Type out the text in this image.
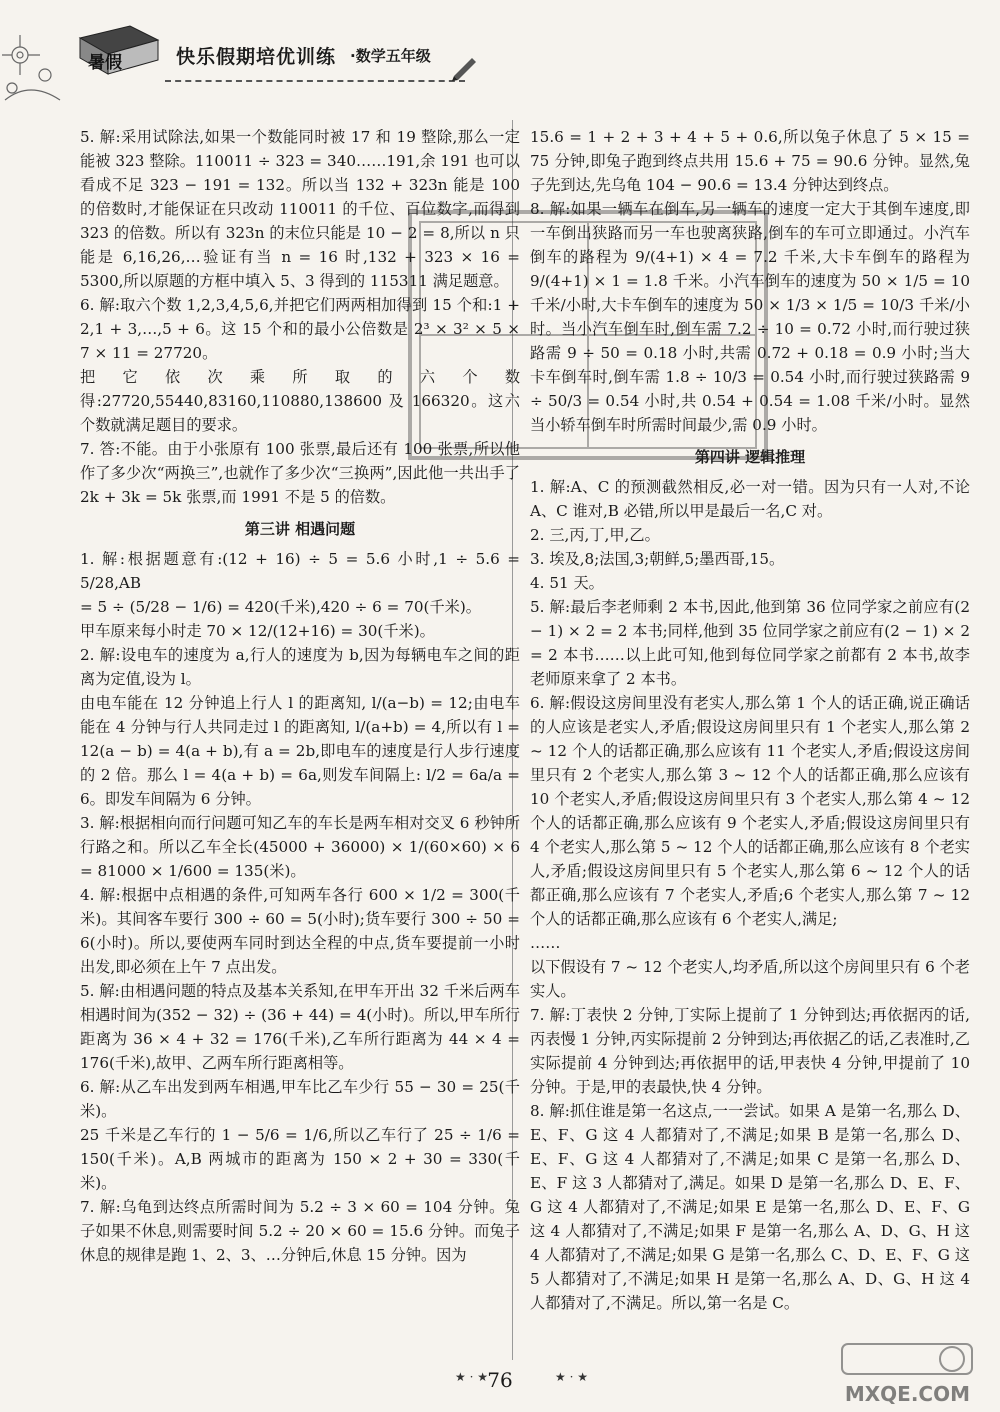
暑假	快乐假期培优训练 ·数学五年级

5. 解:采用试除法,如果一个数能同时被 17 和 19 整除,那么一定能被 323 整除。110011 ÷ 323 = 340……191,余 191 也可以看成不足 323 − 191 = 132。所以当 132 + 323n 能是 100 的倍数时,才能保证在只改动 110011 的千位、百位数字,而得到 323 的倍数。所以有 323n 的末位只能是 10 − 2 = 8,所以 n 只能是 6,16,26,…验证有当 n = 16 时,132 + 323 × 16 = 5300,所以原题的方框中填入 5、3 得到的 115311 满足题意。

6. 解:取六个数 1,2,3,4,5,6,并把它们两两相加得到 15 个和:1 + 2,1 + 3,…,5 + 6。这 15 个和的最小公倍数是 2³ × 3² × 5 × 7 × 11 = 27720。

把它依次乘所取的六个数得:27720,55440,83160,110880,138600 及 166320。这六个数就满足题目的要求。

7. 答:不能。由于小张原有 100 张票,最后还有 100 张票,所以他作了多少次“两换三”,也就作了多少次“三换两”,因此他一共出手了 2k + 3k = 5k 张票,而 1991 不是 5 的倍数。

第三讲 相遇问题

1. 解:根据题意有:(12 + 16) ÷ 5 = 5.6 小时,1 ÷ 5.6 = 5/28,AB

= 5 ÷ (5/28 − 1/6) = 420(千米),420 ÷ 6 = 70(千米)。

甲车原来每小时走 70 × 12/(12+16) = 30(千米)。

2. 解:设电车的速度为 a,行人的速度为 b,因为每辆电车之间的距离为定值,设为 l。

由电车能在 12 分钟追上行人 l 的距离知, l/(a−b) = 12;由电车能在 4 分钟与行人共同走过 l 的距离知, l/(a+b) = 4,所以有 l = 12(a − b) = 4(a + b),有 a = 2b,即电车的速度是行人步行速度的 2 倍。那么 l = 4(a + b) = 6a,则发车间隔上: l/2 = 6a/a = 6。即发车间隔为 6 分钟。

3. 解:根据相向而行问题可知乙车的车长是两车相对交叉 6 秒钟所行路之和。所以乙车全长(45000 + 36000) × 1/(60×60) × 6 = 81000 × 1/600 = 135(米)。

4. 解:根据中点相遇的条件,可知两车各行 600 × 1/2 = 300(千米)。其间客车要行 300 ÷ 60 = 5(小时);货车要行 300 ÷ 50 = 6(小时)。所以,要使两车同时到达全程的中点,货车要提前一小时出发,即必须在上午 7 点出发。

5. 解:由相遇问题的特点及基本关系知,在甲车开出 32 千米后两车相遇时间为(352 − 32) ÷ (36 + 44) = 4(小时)。所以,甲车所行距离为 36 × 4 + 32 = 176(千米),乙车所行距离为 44 × 4 = 176(千米),故甲、乙两车所行距离相等。

6. 解:从乙车出发到两车相遇,甲车比乙车少行 55 − 30 = 25(千米)。

25 千米是乙车行的 1 − 5/6 = 1/6,所以乙车行了 25 ÷ 1/6 = 150(千米)。A,B 两城市的距离为 150 × 2 + 30 = 330(千米)。

7. 解:乌龟到达终点所需时间为 5.2 ÷ 3 × 60 = 104 分钟。兔子如果不休息,则需要时间 5.2 ÷ 20 × 60 = 15.6 分钟。而兔子休息的规律是跑 1、2、3、…分钟后,休息 15 分钟。因为

15.6 = 1 + 2 + 3 + 4 + 5 + 0.6,所以兔子休息了 5 × 15 = 75 分钟,即兔子跑到终点共用 15.6 + 75 = 90.6 分钟。显然,兔子先到达,先乌龟 104 − 90.6 = 13.4 分钟达到终点。

8. 解:如果一辆车在倒车,另一辆车的速度一定大于其倒车速度,即一车倒出狭路而另一车也驶离狭路,倒车的车可立即通过。小汽车倒车的路程为 9/(4+1) × 4 = 7.2 千米,大卡车倒车的路程为 9/(4+1) × 1 = 1.8 千米。小汽车倒车的速度为 50 × 1/5 = 10 千米/小时,大卡车倒车的速度为 50 × 1/3 × 1/5 = 10/3 千米/小时。当小汽车倒车时,倒车需 7.2 ÷ 10 = 0.72 小时,而行驶过狭路需 9 ÷ 50 = 0.18 小时,共需 0.72 + 0.18 = 0.9 小时;当大卡车倒车时,倒车需 1.8 ÷ 10/3 = 0.54 小时,而行驶过狭路需 9 ÷ 50/3 = 0.54 小时,共 0.54 + 0.54 = 1.08 千米/小时。显然当小轿车倒车时所需时间最少,需 0.9 小时。

第四讲 逻辑推理

1. 解:A、C 的预测截然相反,必一对一错。因为只有一人对,不论 A、C 谁对,B 必错,所以甲是最后一名,C 对。

2. 三,丙,丁,甲,乙。

3. 埃及,8;法国,3;朝鲜,5;墨西哥,15。

4. 51 天。

5. 解:最后李老师剩 2 本书,因此,他到第 36 位同学家之前应有(2 − 1) × 2 = 2 本书;同样,他到 35 位同学家之前应有(2 − 1) × 2 = 2 本书……以上此可知,他到每位同学家之前都有 2 本书,故李老师原来拿了 2 本书。

6. 解:假设这房间里没有老实人,那么第 1 个人的话正确,说正确话的人应该是老实人,矛盾;假设这房间里只有 1 个老实人,那么第 2 ~ 12 个人的话都正确,那么应该有 11 个老实人,矛盾;假设这房间里只有 2 个老实人,那么第 3 ~ 12 个人的话都正确,那么应该有 10 个老实人,矛盾;假设这房间里只有 3 个老实人,那么第 4 ~ 12 个人的话都正确,那么应该有 9 个老实人,矛盾;假设这房间里只有 4 个老实人,那么第 5 ~ 12 个人的话都正确,那么应该有 8 个老实人,矛盾;假设这房间里只有 5 个老实人,那么第 6 ~ 12 个人的话都正确,那么应该有 7 个老实人,矛盾;6 个老实人,那么第 7 ~ 12 个人的话都正确,那么应该有 6 个老实人,满足;

……

以下假设有 7 ~ 12 个老实人,均矛盾,所以这个房间里只有 6 个老实人。

7. 解:丁表快 2 分钟,丁实际上提前了 1 分钟到达;再依据丙的话,丙表慢 1 分钟,丙实际提前 2 分钟到达;再依据乙的话,乙表准时,乙实际提前 4 分钟到达;再依据甲的话,甲表快 4 分钟,甲提前了 10 分钟。于是,甲的表最快,快 4 分钟。

8. 解:抓住谁是第一名这点,一一尝试。如果 A 是第一名,那么 D、E、F、G 这 4 人都猜对了,不满足;如果 B 是第一名,那么 D、E、F、G 这 4 人都猜对了,不满足;如果 C 是第一名,那么 D、E、F 这 3 人都猜对了,满足。如果 D 是第一名,那么 D、E、F、G 这 4 人都猜对了,不满足;如果 E 是第一名,那么 D、E、F、G 这 4 人都猜对了,不满足;如果 F 是第一名,那么 A、D、G、H 这 4 人都猜对了,不满足;如果 G 是第一名,那么 C、D、E、F、G 这 5 人都猜对了,不满足;如果 H 是第一名,那么 A、D、G、H 这 4 人都猜对了,不满足。所以,第一名是 C。

★ · ★ 76	★ · ★
MXQE.COM
